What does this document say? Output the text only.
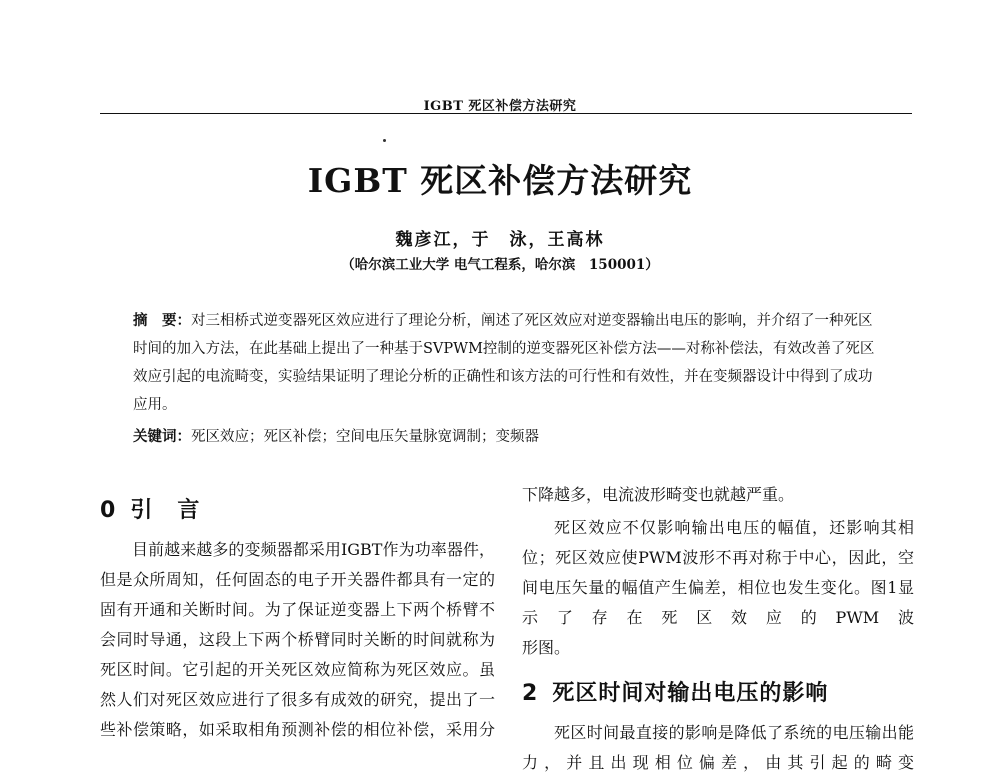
IGBT 死区补偿方法研究
IGBT 死区补偿方法研究
魏彦江，于　泳，王高林
（哈尔滨工业大学 电气工程系，哈尔滨　150001）
摘　要：对三相桥式逆变器死区效应进行了理论分析，阐述了死区效应对逆变器输出电压的影响，并介绍了一种死区时间的加入方法，在此基础上提出了一种基于SVPWM控制的逆变器死区补偿方法——对称补偿法，有效改善了死区效应引起的电流畸变，实验结果证明了理论分析的正确性和该方法的可行性和有效性，并在变频器设计中得到了成功应用。
关键词：死区效应；死区补偿；空间电压矢量脉宽调制；变频器
0 引 言
目前越来越多的变频器都采用IGBT作为功率器件，但是众所周知，任何固态的电子开关器件都具有一定的固有开通和关断时间。为了保证逆变器上下两个桥臂不会同时导通，这段上下两个桥臂同时关断的时间就称为死区时间。它引起的开关死区效应简称为死区效应。虽然人们对死区效应进行了很多有成效的研究，提出了一些补偿策略，如采取相角预测补偿的相位补偿，采用分
下降越多，电流波形畸变也就越严重。
死区效应不仅影响输出电压的幅值，还影响其相位；死区效应使PWM波形不再对称于中心，因此，空间电压矢量的幅值产生偏差，相位也发生变化。图1显示了存在死区效应的PWM波
形图。
2 死区时间对输出电压的影响
死区时间最直接的影响是降低了系统的电压输出能力，并且出现相位偏差，由其引起的畸变
